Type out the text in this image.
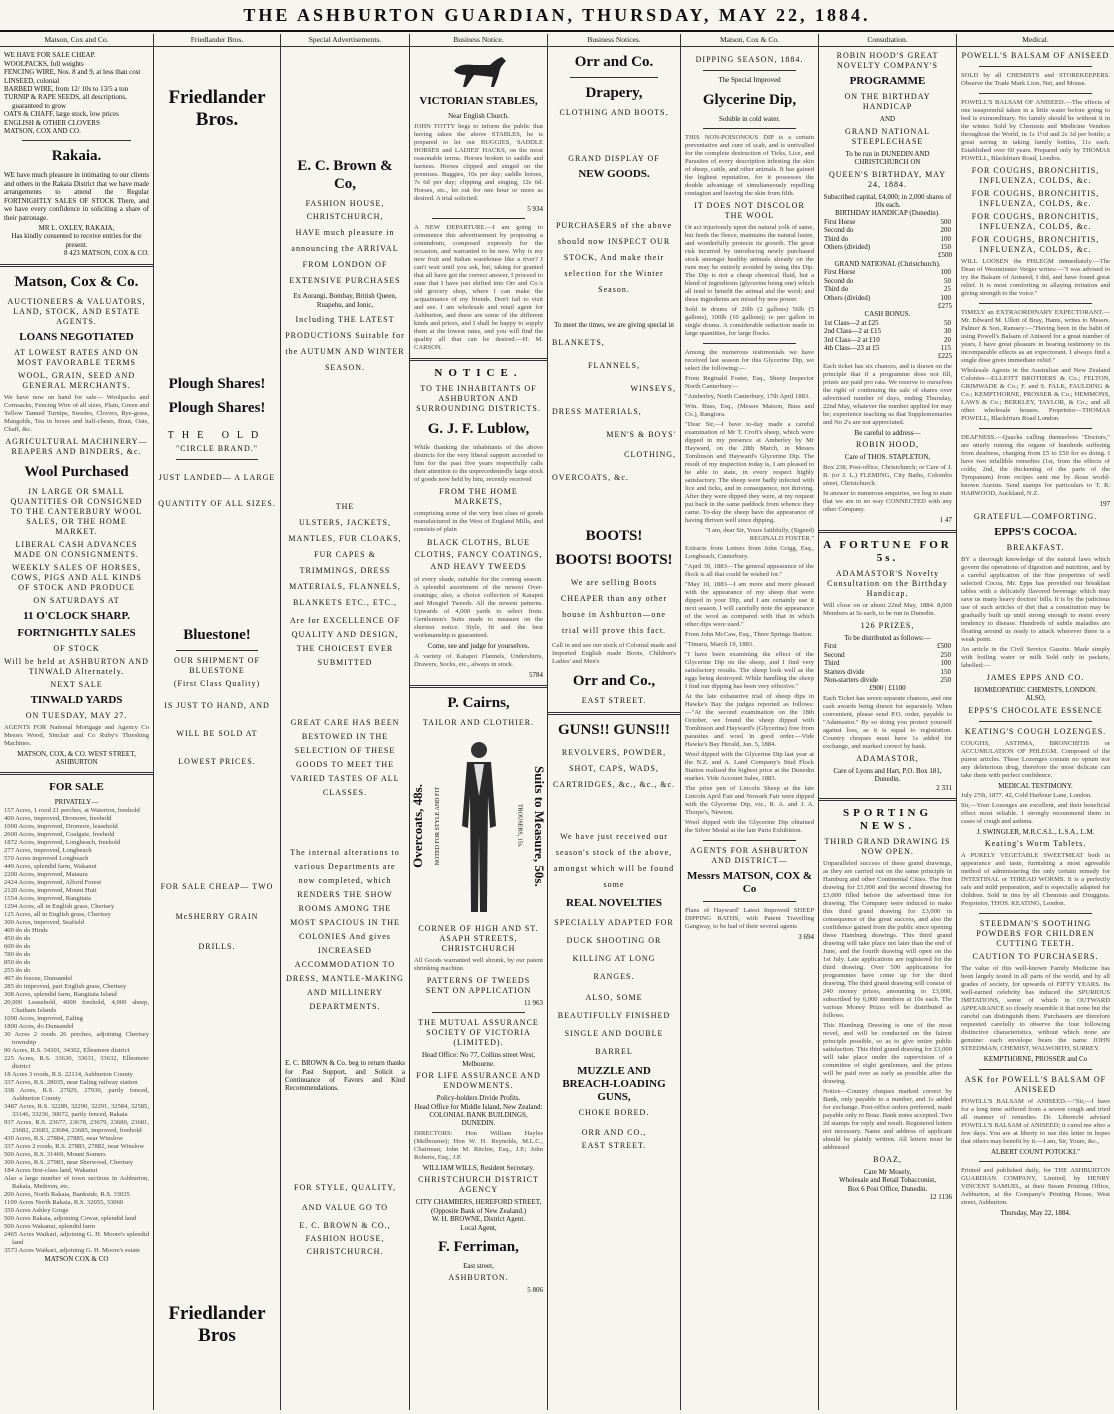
THE ASHBURTON GUARDIAN, THURSDAY, MAY 22, 1884.
Matson, Cox and Co.
WE HAVE FOR SALE CHEAP.
WOOLPACKS, full weights
FENCING WIRE, Nos. 8 and 9, at less than cost
LINSEED, colonial
BARBED WIRE, from 12/ 10s to 13/5 a ton
TURNIP & RAPE SEEDS, all descriptions, guaranteed to grow
OATS & CHAFF, large stock, low prices
ENGLISH & OTHER CLOVERS
MATSON, COX AND CO.
Rakaia.

WE have much pleasure in intimating to our clients and others in the Rakaia District that we have made arrangements to attend the Regular FORTNIGHTLY SALES OF STOCK There, and we have every confidence in soliciting a share of their patronage.

MR L. OXLEY, RAKAIA,
Has kindly consented to receive entries for the present.
8 423 MATSON, COX & CO.
Matson, Cox & Co.
AUCTIONEERS & VALUATORS, LAND, STOCK, AND ESTATE AGENTS.
LOANS NEGOTIATED
AT LOWEST RATES AND ON MOST FAVORABLE TERMS
WOOL, GRAIN, SEED AND GENERAL MERCHANTS.

We have now on hand for sale— Woolpacks and Cornsacks, Fencing Wire of all sizes, Plain, Green and Yellow Tanned Turnips, Swedes, Clovers, Rye-grass, Mangolds, Tea in boxes and half-chests, Bran, Oats, Chaff, &c.

AGRICULTURAL MACHINERY— REAPERS AND BINDERS, &c.
Wool Purchased
IN LARGE OR SMALL QUANTITIES OR CONSIGNED TO THE CANTERBURY WOOL SALES, OR THE HOME MARKET.
LIBERAL CASH ADVANCES MADE ON CONSIGNMENTS.
WEEKLY SALES OF HORSES, COWS, PIGS AND ALL KINDS OF STOCK AND PRODUCE
ON SATURDAYS AT
11 O'CLOCK SHARP.
FORTNIGHTLY SALES
OF STOCK
Will be held at ASHBURTON AND TINWALD Alternately.
NEXT SALE
TINWALD YARDS
ON TUESDAY, MAY 27.

AGENTS FOR National Mortgage and Agency Co Messrs Wood, Sinclair and Co Ruby's Threshing Machines.

MATSON, COX, & CO. WEST STREET, ASHBURTON
FOR SALE
PRIVATELY—
157 Acres, 1 rood 21 perches, at Waterton, freehold
400 Acres, improved, Dromore, freehold
1000 Acres, improved, Dromore, leasehold
2600 Acres, improved, Coalgate, freehold
1872 Acres, improved, Longbeach, freehold
277 Acres, improved, Longbeach
570 Acres improved Longbeach
449 Acres, splendid farm, Wakanui
2200 Acres, improved, Mataura
2424 Acres, improved, Alford Forest
2120 Acres, improved, Mount Hutt
1554 Acres, improved, Rangitata
1294 Acres, all in English grass, Chertsey
125 Acres, all in English grass, Chertsey
300 Acres, improved, Seafield
400 do do Hinds
450 do do
600 do do
780 do do
850 do do
255 do do
497 do fescue, Dunsandel
285 do improved, part English grass, Chertsey
308 Acres, splendid farm, Rangitata Island
20,000 Leasehold, 4000 freehold, 4,000 sheep, Chatham Islands
1090 Acres, improved, Ealing
1800 Acres, do Dunsandel
30 Acres 2 roods 26 perches, adjoining Chertsey township
90 Acres, R.S. 34301, 34302, Ellesmere district
225 Acres, R.S. 33630, 33631, 33632, Ellesmere district
18 Acres 3 roods, R.S. 22114, Ashburton County
337 Acres, R.S. 28035, near Ealing railway station
338 Acres, R.S. 27929, 27930, partly fenced, Ashburton County
3487 Acres, R.S. 32289, 32290, 32291, 32584, 32585, 33146, 33236, 30072, partly fenced, Rakaia
937 Acres, R.S. 23677, 23678, 23679, 23680, 23681, 23682, 23683, 23684, 23685, improved, freehold
430 Acres, R.S. 27884, 27885, near Winslow
337 Acres 2 roods, R.S. 27883, 27882, near Winslow
500 Acres, R.S. 31469, Mount Somers
300 Acres, R.S. 27983, near Sherwood, Chertsey
184 Acres first-class land, Wakanui
Also a large number of town sections in Ashburton, Rakaia, Methven, etc.
200 Acres, North Rakaia, Bankside, R.S. 33035
1109 Acres North Rakaia, R.S. 32055, 33060
350 Acres Ashley Gorge
500 Acres Rakaia, adjoining Cowar, splendid land
500 Acres Wakanui, splendid farm
2465 Acres Waikari, adjoining G. H. Moore's splendid land
3573 Acres Waikari, adjoining G. H. Moore's estate
MATSON COX & CO
Friedlander Bros.
Friedlander Bros.
Plough Shares!
Plough Shares!
THE OLD
"CIRCLE BRAND."
JUST LANDED— A LARGE QUANTITY OF ALL SIZES.
Bluestone!
OUR SHIPMENT OF BLUESTONE
(First Class Quality)
IS JUST TO HAND, AND WILL BE SOLD AT LOWEST PRICES.
FOR SALE CHEAP— TWO McSHERRY GRAIN DRILLS.
Friedlander Bros
Special Advertisements.
E. C. Brown & Co,
FASHION HOUSE,
CHRISTCHURCH,
HAVE much pleasure in announcing the ARRIVAL FROM LONDON OF EXTENSIVE PURCHASES
Ex Aorangi, Bombay, British Queen, Ruapehu, and Ionic,
Including THE LATEST PRODUCTIONS Suitable for the AUTUMN AND WINTER SEASON.
THE
ULSTERS, JACKETS, MANTLES, FUR CLOAKS, FUR CAPES & TRIMMINGS, DRESS MATERIALS, FLANNELS, BLANKETS ETC., ETC.,
Are for EXCELLENCE OF QUALITY AND DESIGN, THE CHOICEST EVER SUBMITTED
GREAT CARE HAS BEEN BESTOWED IN THE SELECTION OF THESE GOODS TO MEET THE VARIED TASTES OF ALL CLASSES.
The internal alterations to various Departments are now completed, which RENDERS THE SHOW ROOMS AMONG THE MOST SPACIOUS IN THE COLONIES And gives INCREASED ACCOMMODATION TO DRESS, MANTLE-MAKING AND MILLINERY DEPARTMENTS.

E. C. BROWN & Co. beg to return thanks for Past Support, and Solicit a Continuance of Favors and Kind Recommendations.

FOR STYLE, QUALITY, AND VALUE GO TO
E. C. BROWN & CO.,
FASHION HOUSE,
CHRISTCHURCH.
Business Notice.
VICTORIAN STABLES,
Near English Church.

JOHN TOTTY begs to inform the public that having taken the above STABLES, he is prepared to let out BUGGIES, SADDLE HORSES and LADIES' HACKS, on the most reasonable terms. Horses broken to saddle and harness. Horses clipped and singed on the premises. Buggies, 10s per day; saddle horses, 7s 6d per day; clipping and singing, 12s 6d. Horses, etc., let out for one hour or more as desired. A trial solicited.

5 934

A NEW DEPARTURE.—I am going to commence this advertisement by proposing a conundrum, composed expressly for the occasion, and warranted to be new. Why is my new fruit and Italian warehouse like a river? I can't wait until you ask, but, taking for granted that all have got the correct answer, I proceed to state that I have just shifted into Orr and Co.'s old grocery shop, where I can make the acquaintance of my friends. Don't fail to visit and see. I am wholesale and retail agent for Ashburton, and these are some of the different kinds and prices, and I shall be happy to supply them at the lowest rates, and you will find the quality all that can be desired.—H. M. CARSON.

NOTICE.
TO THE INHABITANTS OF ASHBURTON AND SURROUNDING DISTRICTS.
G. J. F. Lublow,

While thanking the inhabitants of the above districts for the very liberal support accorded to him for the past five years respectfully calls their attention to the unprecedentedly large stock of goods now held by him, recently received

FROM THE HOME MARKETS,

comprising some of the very best class of goods manufactured in the West of England Mills, and consists of plain

BLACK CLOTHS, BLUE CLOTHS, FANCY COATINGS, AND HEAVY TWEEDS

of every shade, suitable for the coming season. A splendid assortment of the newest Over-coatings; also, a choice collection of Kaiapoi and Mosgiel Tweeds. All the newest patterns. Upwards of 4,000 yards to select from. Gentlemen's Suits made to measure on the shortest notice. Style, fit and the best workmanship is guaranteed.

Come, see and judge for yourselves.

A variety of Kaiapoi Flannels, Undershirts, Drawers, Socks, etc., always in stock.

5784
P. Cairns,
TAILOR AND CLOTHIER.
Overcoats, 48s. NOTED FOR STYLE AND FIT	TROUSERS, 15s. Suits to Measure, 50s.
CORNER OF HIGH AND ST. ASAPH STREETS, CHRISTCHURCH

All Goods warranted well shrunk, by our patent shrinking machine.

PATTERNS OF TWEEDS SENT ON APPLICATION
11 963
THE MUTUAL ASSURANCE SOCIETY OF VICTORIA (LIMITED).
Head Office: No 77, Collins street West, Melbourne.
FOR LIFE ASSURANCE AND ENDOWMENTS.
Policy-holders Divide Profits.
Head Office for Middle Island, New Zealand: COLONIAL BANK BUILDINGS, DUNEDIN.

DIRECTORS: Hon William Hayles (Melbourne); Hon W. H. Reynolds, M.L.C., Chairman; John M. Ritchie, Esq., J.P.; John Roberts, Esq., J.P.

WILLIAM WILLS, Resident Secretary.
CHRISTCHURCH DISTRICT AGENCY
CITY CHAMBERS, HEREFORD STREET, (Opposite Bank of New Zealand.)
W. H. BROWNE, District Agent.
Local Agent,
F. Ferriman,
East street,
ASHBURTON.
5 806
Business Notices.
Orr and Co.
Drapery,
CLOTHING AND BOOTS.
GRAND DISPLAY OF
NEW GOODS.
PURCHASERS of the above should now INSPECT OUR STOCK, And make their selection for the Winter Season.
To meet the times, we are giving special in
BLANKETS,
FLANNELS,
WINSEYS,
DRESS MATERIALS,
MEN'S & BOYS' CLOTHING,
OVERCOATS, &c.
BOOTS!
BOOTS! BOOTS!
We are selling Boots CHEAPER than any other house in Ashburton—one trial will prove this fact.

Call in and see our stock of Colonial made and Imported English made Boots, Children's Ladies' and Men's

Orr and Co.,
EAST STREET.
GUNS!! GUNS!!!
REVOLVERS, POWDER, SHOT, CAPS, WADS, CARTRIDGES, &c., &c., &c.
We have just received our season's stock of the above, amongst which will be found some
REAL NOVELTIES
SPECIALLY ADAPTED FOR DUCK SHOOTING OR KILLING AT LONG RANGES.
ALSO, SOME BEAUTIFULLY FINISHED SINGLE AND DOUBLE BARREL
MUZZLE AND BREACH-LOADING GUNS,
CHOKE BORED.
ORR AND CO.,
EAST STREET.
Matson, Cox & Co.
DIPPING SEASON, 1884.
The Special Improved
Glycerine Dip,
Soluble in cold water.

THIS NON-POISONOUS DIP is a certain preventative and cure of scab, and is unrivalled for the complete destruction of Ticks, Lice, and Parasites of every description infesting the skin of sheep, cattle, and other animals. It has gained the highest reputation, for it possesses the double advantage of simultaneously repelling contagion and leaving the skin from filth.

IT DOES NOT DISCOLOR THE WOOL

Or act injuriously upon the natural yolk of same, but feeds the fleece, maintains the natural lustre, and wonderfully protects its growth. The great risk incurred by introducing newly purchased stock amongst healthy animals already on the runs may be entirely avoided by using this Dip. The Dip is not a cheap chemical fluid, but a blend of ingredients (glycerine being one) which all tend to benefit the animal and the wool; and these ingredients are mixed by new power.

Sold in drums of 20lb (2 gallons) 56lb (5 gallons), 100lb (10 gallons); ie per gallon in single drums. A considerable reduction made in large quantities, for large flocks.

Among the numerous testimonials we have received last season for this Glycerine Dip, we select the following:—

From Reginald Foster, Esq., Sheep Inspector North Canterbury—

"Amberley, North Canterbury, 17th April 1883.

Wm. Buss, Esq., (Messrs Matson, Buss and Co.), Rangiora.

"Dear Sir,—I have to-day made a careful examination of Mr T. Croft's sheep, which were dipped in my presence at Amberley by Mr Hayward, on the 28th March, in Messrs Tomlinson and Hayward's Glycerine Dip. The result of my inspection today is, I am pleased to be able to state, in every respect highly satisfactory. The sheep were badly infected with lice and ticks, and in consequence, not thriving. After they were dipped they were, at my request put back in the same paddock from whence they came. To-day the sheep have the appearance of having thriven well since dipping.

"I am, dear Sir, Yours faithfully, (Signed) REGINALD FOSTER."

Extracts from Letters from John Grigg, Esq., Longbeach, Canterbury.

"April 30, 1883—The general appearance of the flock is all that could be wished for."

"May 10, 1883—I am more and more pleased with the appearance of my sheep that were dipped in your Dip, and I am certainly use it next season. I will carefully note the appearance of the wool as compared with that in which other dips were used."

From John McCaw, Esq., Three Springs Station.

"Timaru, March 19, 1883.

"I have been examining the effect of the Glycerine Dip on the sheep, and I find very satisfactory results. The sheep look well as the eggs being destroyed. While handling the sheep I find our dipping has been very effective."

At the late exhaustive trial of sheep dips in Hawke's Bay the judges reported as follows:—"At the second examination on the 18th October, we found the sheep dipped with Tomlinson and Hayward's (Glycerine) free from parasites and wool in good order.—Vide Hawke's Bay Herald, Jan. 5, 1884.

Wool dipped with the Glycerine Dip last year at the N.Z. and A. Land Company's Stud Flock Station realised the highest price at the Dunedin market. Vide Account Sales, 1883.

The prize pen of Lincoln Sheep at the late Lincoln April Fair and Nowark Fair were dipped with the Glycerine Dip, viz., R. A. and J. A. Thorpe's, Newton.

Wool dipped with the Glycerine Dip obtained the Silver Medal at the late Paris Exhibition.

AGENTS FOR ASHBURTON AND DISTRICT—
Messrs MATSON, COX & Co

Plans of Hayward' Latest Improved SHEEP DIPPING BATHS, with Patent Travelling Gangway, to be had of their several agents

3 694
Consultation.
ROBIN HOOD'S GREAT NOVELTY COMPANY'S
PROGRAMME
ON THE BIRTHDAY HANDICAP
AND
GRAND NATIONAL STEEPLECHASE
To be run in DUNEDIN AND CHRISTCHURCH ON
QUEEN'S BIRTHDAY, MAY 24, 1884.
Subscribed capital, £4,000; in 2,000 shares of 10s each.
BIRTHDAY HANDICAP (Dunedin).
First Horse	500
Second do	200
Third do	100
Others (divided)	150
£500
GRAND NATIONAL (Christchurch).
First Horse	100
Second do	50
Third do	25
Others (divided)	100
£275
CASH BONUS.
1st Class—2 at £25	50
2nd Class—2 at £15	30
3rd Class—2 at £10	20
4th Class—23 at £5	115
£225

Each ticket has six chances, and is drawn on the principle that if a programme does not fill, prizes are paid pro rata. We reserve to ourselves the right of continuing the sale of shares over advertised number of days, ending Thursday, 22nd May, whatever the number applied for may be; experience teaching us that Supplementaries and No 2's are not appreciated.

Be careful to address—
ROBIN HOOD,
Care of THOS. STAPLETON,

Box 238, Post-office, Christchurch; or Care of J. B. (or J. L.) FLEMING, City Baths, Colombo street, Christchurch.

In answer to numerous enquiries, we beg to state that we are in no way CONNECTED with any other Company.

1 47
A FORTUNE FOR 5s.
ADAMASTOR'S Novelty Consultation on the Birthday Handicap.

Will close on or about 22nd May, 1884. 8,000 Members at 5s each, to be run in Dunedin.

126 PRIZES,
To be distributed as follows:—
First	£500
Second	250
Third	100
Starters divide	150
Non-starters divide	250
£900 | £1100

Each Ticket has seven separate chances, and one cash awards being drawn for separately. When convenient, please send P.O. order, payable to "Adamastor." By so doing you protect yourself against loss, as it is equal to registration. Country cheques must have 1s added for exchange, and marked correct by bank.

ADAMASTOR,
Care of Lyons and Hart, P.O. Box 181, Dunedin.
2 331
SPORTING NEWS.
THIRD GRAND DRAWING IS NOW OPEN.

Unparalleled success of these grand drawings, as they are carried out on the same principle in Hamburg and other Continental Cities. The first drawing for £1,000 and the second drawing for £3,000 filled before the advertised time for drawing. The Company were induced to make this third grand drawing for £3,000 in consequence of the great success, and also the confidence gained from the public since opening these Hamburg drawings. This third grand drawing will take place not later than the end of June, and the fourth drawing will open on the 1st July. Late applications are registered for the third drawing. Over 500 applications for programmes have come up for the third drawing. The third grand drawing will consist of 240 money prizes, amounting to £3,000, subscribed by 6,000 members at 10s each. The various Money Prizes will be distributed as follows.

This Hamburg Drawing is one of the most novel, and will be conducted on the fairest principle possible, so as to give entire public satisfaction. This third grand drawing for £3,000 will take place under the supervision of a committee of eight gentlemen, and the prizes will be paid over as early as possible after the drawing.

Notice—Country cheques marked correct by Bank, only payable to a number, and 1s added for exchange. Post-office orders preferred, made payable only to Boaz. Bank notes accepted. Two 2d stamps for reply and result. Registered letters not necessary. Name and address of applicant should be plainly written. All letters must be addressed

BOAZ,
Care Mr Mosely,
Wholesale and Retail Tobacconist,
Box 6 Post Office, Dunedin.
12 1136
Medical.
POWELL'S BALSAM OF ANISEED

SOLD by all CHEMISTS and STOREKEEPERS. Observe the Trade Mark Lion, Net, and Mouse.

POWELL'S BALSAM OF ANISEED.—The effects of one teaspoonful taken in a little water before going to bed is extraordinary. No family should be without it in the winter. Sold by Chemists and Medicine Vendors throughout the World, in 1s 1½d and 2s 3d per bottle; a great saving in taking family bottles, 11s each. Established over 60 years. Prepared only by THOMAS POWELL, Blackfriars Road, London.

FOR COUGHS, BRONCHITIS, INFLUENZA, COLDS, &c.
FOR COUGHS, BRONCHITIS, INFLUENZA, COLDS, &c.
FOR COUGHS, BRONCHITIS, INFLUENZA, COLDS, &c.
FOR COUGHS, BRONCHITIS, INFLUENZA, COLDS, &c.

WILL LOOSEN the PHLEGM immediately.—The Dean of Westminster Verger writes:—"I was advised to try the Balsam of Aniseed; I did, and have found great relief. It is most comforting in allaying irritation and giving strength to the voice."

TIMELY an EXTRAORDINARY EXPECTORANT.—Mr. Edward M. Ullett of Bray, Hants, writes to Messrs. Palmer & Son, Ramsey:—"Having been in the habit of using Powell's Balsam of Aniseed for a great number of years, I have great pleasure in bearing testimony to its incomparable effects as an expectorant. I always find a single dose gives immediate relief."

Wholesale Agents in the Australian and New Zealand Colonies—ELLIOTT BROTHERS & Co.; FELTON, GRIMWADE & Co.; F. and S. FALK, FAULDING & Co.; KEMPTHORNE, PROSSER & Co.; HEMMONS, LAWS & Co.; BERKLEY, TAYLOR, & Co.; and all other wholesale houses. Proprietor—THOMAS POWELL, Blackfriars Road London.

DEAFNESS.—Quacks calling themselves "Doctors," are utterly ruining the organs of hundreds suffering from deafness, charging from £5 to £50 for so doing. I have two infallible remedies (1st, from the effects of colds; 2nd, the thickening of the parts of the Tympanum) from recipes sent me by those world-known Aurists. Send stamps for particulars to T. R. HARWOOD, Auckland, N.Z.

197
GRATEFUL—COMFORTING.
EPPS'S COCOA.
BREAKFAST.

BY a thorough knowledge of the natural laws which govern the operations of digestion and nutrition, and by a careful application of the fine properties of well selected Cocoa, Mr. Epps has provided our breakfast tables with a delicately flavored beverage which may save us many heavy doctors' bills. It is by the judicious use of such articles of diet that a constitution may be gradually built up until strong enough to resist every tendency to disease. Hundreds of subtle maladies are floating around us ready to attack wherever there is a weak point.

An article in the Civil Service Gazette. Made simply with boiling water or milk Sold only in packets, labelled:—

JAMES EPPS AND CO.
HOMŒOPATHIC CHEMISTS, LONDON.
ALSO,
EPPS'S CHOCOLATE ESSENCE
KEATING'S COUGH LOZENGES.

COUGHS, ASTHMA, BRONCHITIS or ACCUMULATION OF PHLEGM. Composed of the purest articles. These Lozenges contain no opium nor any deleterious drug, therefore the most delicate can take them with perfect confidence.

MEDICAL TESTIMONY.

July 27th, 1877. 42, Cold Harbour Lane, London.

Sir,—Your Lozenges are excellent, and their beneficial effect most reliable. I strongly recommend them in cases of cough and asthma.

J. SWINGLER, M.R.C.S.L., L.S.A., L.M.
Keating's Worm Tablets.

A PURELY VEGETABLE SWEETMEAT both in appearance and taste, furnishing a most agreeable method of administering the only certain remedy for INTESTINAL or THREAD WORMS. It is a perfectly safe and mild preparation, and is especially adapted for children. Sold in tins by all Chemists and Druggists. Proprietor, THOS. KEATING, London.

STEEDMAN'S SOOTHING POWDERS FOR CHILDREN CUTTING TEETH.
CAUTION TO PURCHASERS.

The value of this well-known Family Medicine has been largely tested in all parts of the world, and by all grades of society, for upwards of FIFTY YEARS. Its well-earned celebrity has induced the SPURIOUS IMITATIONS, some of which in OUTWARD APPEARANCE so closely resemble it that none but the careful can distinguish them. Purchasers are therefore requested carefully to observe the four following distinctive characteristics, without which none are genuine: each envelope bears the name JOHN STEEDMAN, CHEMIST, WALWORTH, SURREY.

KEMPTHORNE, PROSSER and Co
ASK for POWELL'S BALSAM OF ANISEED

POWELL'S BALSAM of ANISEED.—"Sir,—I have for a long time suffered from a severe cough and tried all manner of remedies. Dr. Liberecht advised POWELL'S BALSAM of ANISEED; it cured me after a few days. You are at liberty to use this letter in hopes that others may benefit by it.—I am, Sir, Yours, &c.,

ALBERT COUNT POTOCKI."

Printed and published daily, for THE ASHBURTON GUARDIAN COMPANY, Limited, by HENRY VINCENT SAMUEL, at their Steam Printing Office, Ashburton, at the Company's Printing House, West street, Ashburton.

Thursday, May 22, 1884.
